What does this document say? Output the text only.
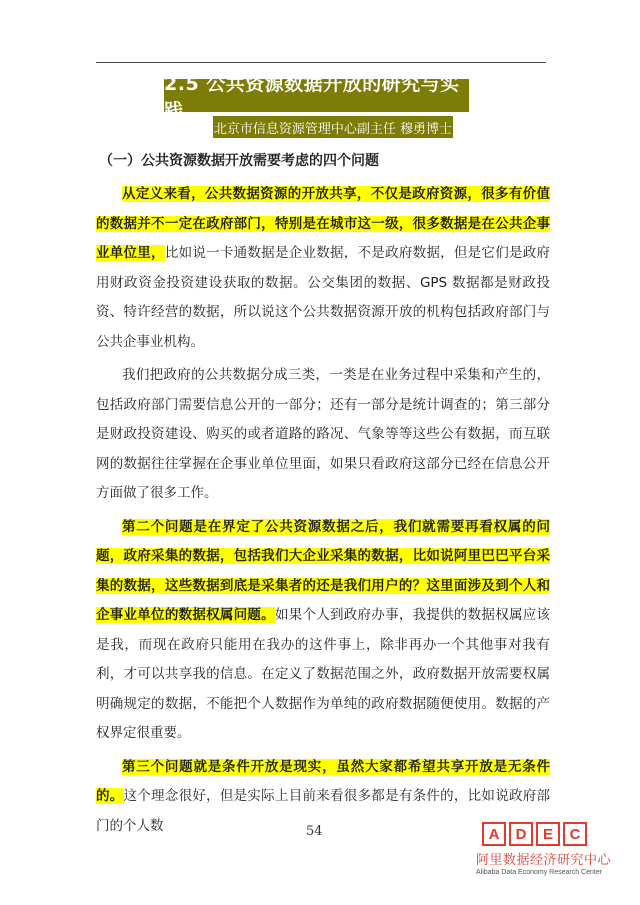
2.5 公共资源数据开放的研究与实践
北京市信息资源管理中心副主任 穆勇博士
（一）公共资源数据开放需要考虑的四个问题

从定义来看，公共数据资源的开放共享，不仅是政府资源，很多有价值的数据并不一定在政府部门，特别是在城市这一级，很多数据是在公共企事业单位里，比如说一卡通数据是企业数据，不是政府数据，但是它们是政府用财政资金投资建设获取的数据。公交集团的数据、GPS 数据都是财政投资、特许经营的数据，所以说这个公共数据资源开放的机构包括政府部门与公共企事业机构。

我们把政府的公共数据分成三类，一类是在业务过程中采集和产生的，包括政府部门需要信息公开的一部分；还有一部分是统计调查的；第三部分是财政投资建设、购买的或者道路的路况、气象等等这些公有数据，而互联网的数据往往掌握在企事业单位里面，如果只看政府这部分已经在信息公开方面做了很多工作。

第二个问题是在界定了公共资源数据之后，我们就需要再看权属的问题，政府采集的数据，包括我们大企业采集的数据，比如说阿里巴巴平台采集的数据，这些数据到底是采集者的还是我们用户的？这里面涉及到个人和企事业单位的数据权属问题。如果个人到政府办事，我提供的数据权属应该是我，而现在政府只能用在我办的这件事上，除非再办一个其他事对我有利，才可以共享我的信息。在定义了数据范围之外，政府数据开放需要权属明确规定的数据，不能把个人数据作为单纯的政府数据随便使用。数据的产权界定很重要。

第三个问题就是条件开放是现实，虽然大家都希望共享开放是无条件的。这个理念很好，但是实际上目前来看很多都是有条件的，比如说政府部门的个人数	54	A	D	E	C
阿里数据经济研究中心
Alibaba Data Economy Research Center
